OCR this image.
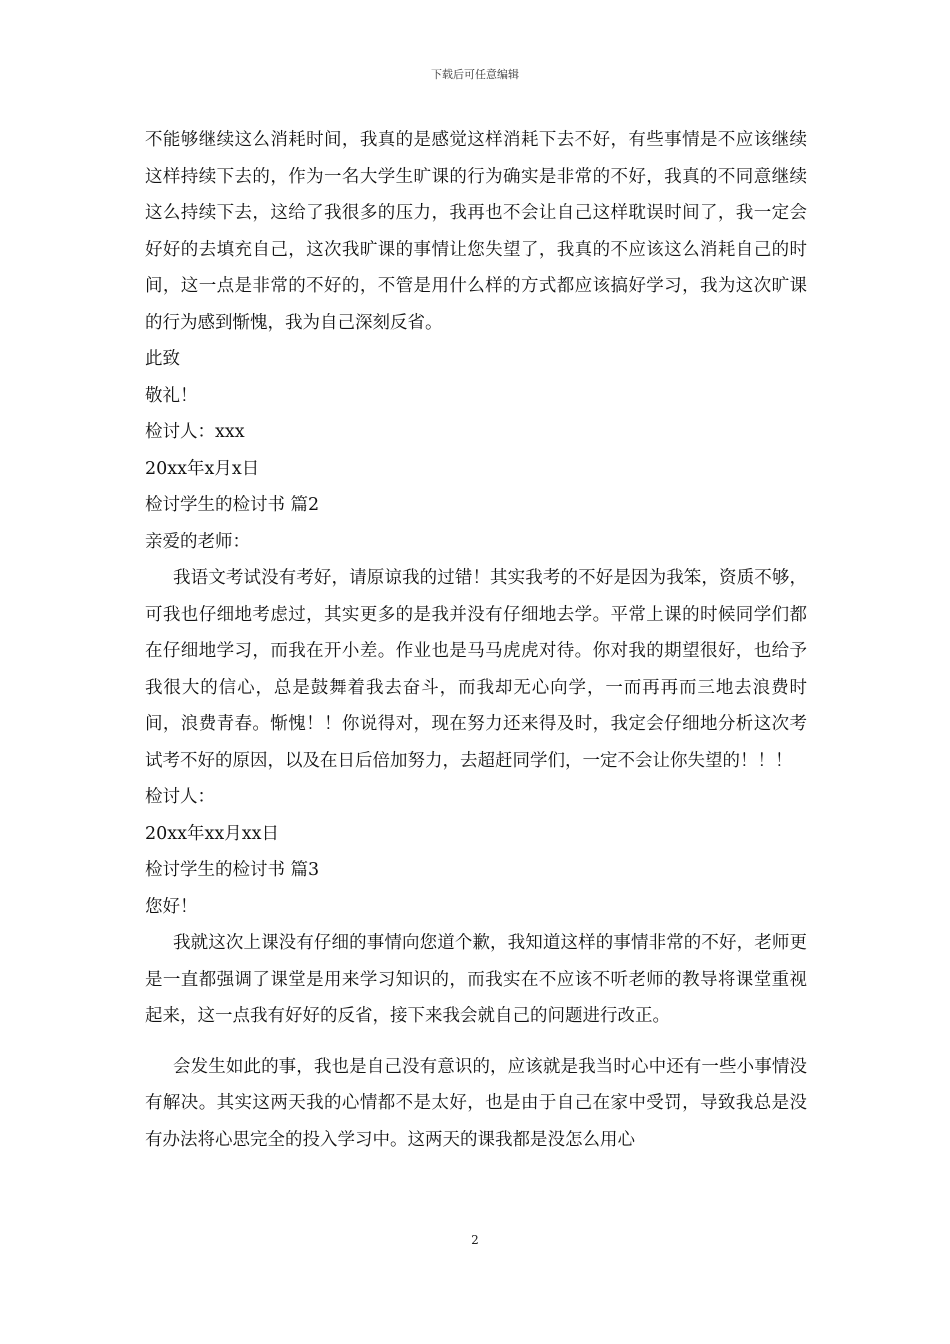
下载后可任意编辑

不能够继续这么消耗时间，我真的是感觉这样消耗下去不好，有些事情是不应该继续这样持续下去的，作为一名大学生旷课的行为确实是非常的不好，我真的不同意继续这么持续下去，这给了我很多的压力，我再也不会让自己这样耽误时间了，我一定会好好的去填充自己，这次我旷课的事情让您失望了，我真的不应该这么消耗自己的时间，这一点是非常的不好的，不管是用什么样的方式都应该搞好学习，我为这次旷课的行为感到惭愧，我为自己深刻反省。

此致

敬礼！

检讨人：xxx

20xx年x月x日

检讨学生的检讨书 篇2

亲爱的老师：

我语文考试没有考好，请原谅我的过错！其实我考的不好是因为我笨，资质不够，可我也仔细地考虑过，其实更多的是我并没有仔细地去学。平常上课的时候同学们都在仔细地学习，而我在开小差。作业也是马马虎虎对待。你对我的期望很好，也给予我很大的信心，总是鼓舞着我去奋斗，而我却无心向学，一而再再而三地去浪费时间，浪费青春。惭愧！！你说得对，现在努力还来得及时，我定会仔细地分析这次考试考不好的原因，以及在日后倍加努力，去超赶同学们，一定不会让你失望的！！！

检讨人：

20xx年xx月xx日

检讨学生的检讨书 篇3

您好！

我就这次上课没有仔细的事情向您道个歉，我知道这样的事情非常的不好，老师更是一直都强调了课堂是用来学习知识的，而我实在不应该不听老师的教导将课堂重视起来，这一点我有好好的反省，接下来我会就自己的问题进行改正。

会发生如此的事，我也是自己没有意识的，应该就是我当时心中还有一些小事情没有解决。其实这两天我的心情都不是太好，也是由于自己在家中受罚，导致我总是没有办法将心思完全的投入学习中。这两天的课我都是没怎么用心

2
